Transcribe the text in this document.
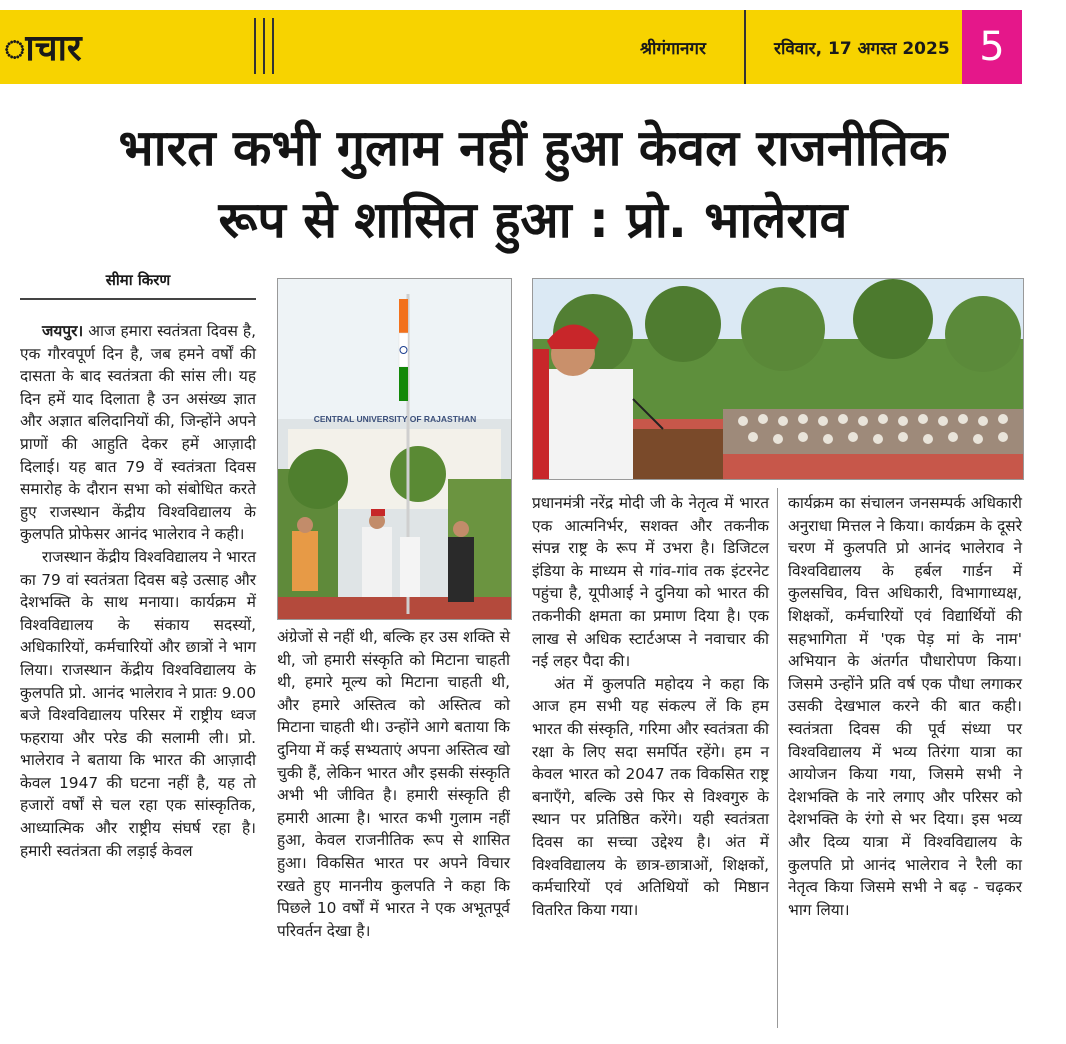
ाचार	श्रीगंगानगर	रविवार, 17 अगस्त 2025 5
भारत कभी गुलाम नहीं हुआ केवल राजनीतिक
रूप से शासित हुआ : प्रो. भालेराव
सीमा किरण

जयपुर। आज हमारा स्वतंत्रता दिवस है, एक गौरवपूर्ण दिन है, जब हमने वर्षों की दासता के बाद स्वतंत्रता की सांस ली। यह दिन हमें याद दिलाता है उन असंख्य ज्ञात और अज्ञात बलिदानियों की, जिन्होंने अपने प्राणों की आहुति देकर हमें आज़ादी दिलाई। यह बात 79 वें स्वतंत्रता दिवस समारोह के दौरान सभा को संबोधित करते हुए राजस्थान केंद्रीय विश्वविद्यालय के कुलपति प्रोफेसर आनंद भालेराव ने कही।

राजस्थान केंद्रीय विश्वविद्यालय ने भारत का 79 वां स्वतंत्रता दिवस बड़े उत्साह और देशभक्ति के साथ मनाया। कार्यक्रम में विश्वविद्यालय के संकाय सदस्यों, अधिकारियों, कर्मचारियों और छात्रों ने भाग लिया। राजस्थान केंद्रीय विश्वविद्यालय के कुलपति प्रो. आनंद भालेराव ने प्रातः 9.00 बजे विश्वविद्यालय परिसर में राष्ट्रीय ध्वज फहराया और परेड की सलामी ली। प्रो. भालेराव ने बताया कि भारत की आज़ादी केवल 1947 की घटना नहीं है, यह तो हजारों वर्षों से चल रहा एक सांस्कृतिक, आध्यात्मिक और राष्ट्रीय संघर्ष रहा है। हमारी स्वतंत्रता की लड़ाई केवल

CENTRAL UNIVERSITY OF RAJASTHAN

अंग्रेजों से नहीं थी, बल्कि हर उस शक्ति से थी, जो हमारी संस्कृति को मिटाना चाहती थी, हमारे मूल्य को मिटाना चाहती थी, और हमारे अस्तित्व को अस्तित्व को मिटाना चाहती थी। उन्होंने आगे बताया कि दुनिया में कई सभ्यताएं अपना अस्तित्व खो चुकी हैं, लेकिन भारत और इसकी संस्कृति अभी भी जीवित है। हमारी संस्कृति ही हमारी आत्मा है। भारत कभी गुलाम नहीं हुआ, केवल राजनीतिक रूप से शासित हुआ। विकसित भारत पर अपने विचार रखते हुए माननीय कुलपति ने कहा कि पिछले 10 वर्षों में भारत ने एक अभूतपूर्व परिवर्तन देखा है।

प्रधानमंत्री नरेंद्र मोदी जी के नेतृत्व में भारत एक आत्मनिर्भर, सशक्त और तकनीक संपन्न राष्ट्र के रूप में उभरा है। डिजिटल इंडिया के माध्यम से गांव-गांव तक इंटरनेट पहुंचा है, यूपीआई ने दुनिया को भारत की तकनीकी क्षमता का प्रमाण दिया है। एक लाख से अधिक स्टार्टअप्स ने नवाचार की नई लहर पैदा की।

अंत में कुलपति महोदय ने कहा कि आज हम सभी यह संकल्प लें कि हम भारत की संस्कृति, गरिमा और स्वतंत्रता की रक्षा के लिए सदा समर्पित रहेंगे। हम न केवल भारत को 2047 तक विकसित राष्ट्र बनाएँगे, बल्कि उसे फिर से विश्वगुरु के स्थान पर प्रतिष्ठित करेंगे। यही स्वतंत्रता दिवस का सच्चा उद्देश्य है। अंत में विश्वविद्यालय के छात्र-छात्राओं, शिक्षकों, कर्मचारियों एवं अतिथियों को मिष्ठान वितरित किया गया।

कार्यक्रम का संचालन जनसम्पर्क अधिकारी अनुराधा मित्तल ने किया। कार्यक्रम के दूसरे चरण में कुलपति प्रो आनंद भालेराव ने विश्वविद्यालय के हर्बल गार्डन में कुलसचिव, वित्त अधिकारी, विभागाध्यक्ष, शिक्षकों, कर्मचारियों एवं विद्यार्थियों की सहभागिता में 'एक पेड़ मां के नाम' अभियान के अंतर्गत पौधारोपण किया। जिसमे उन्होंने प्रति वर्ष एक पौधा लगाकर उसकी देखभाल करने की बात कही। स्वतंत्रता दिवस की पूर्व संध्या पर विश्वविद्यालय में भव्य तिरंगा यात्रा का आयोजन किया गया, जिसमे सभी ने देशभक्ति के नारे लगाए और परिसर को देशभक्ति के रंगो से भर दिया। इस भव्य और दिव्य यात्रा में विश्वविद्यालय के कुलपति प्रो आनंद भालेराव ने रैली का नेतृत्व किया जिसमे सभी ने बढ़ - चढ़कर भाग लिया।
